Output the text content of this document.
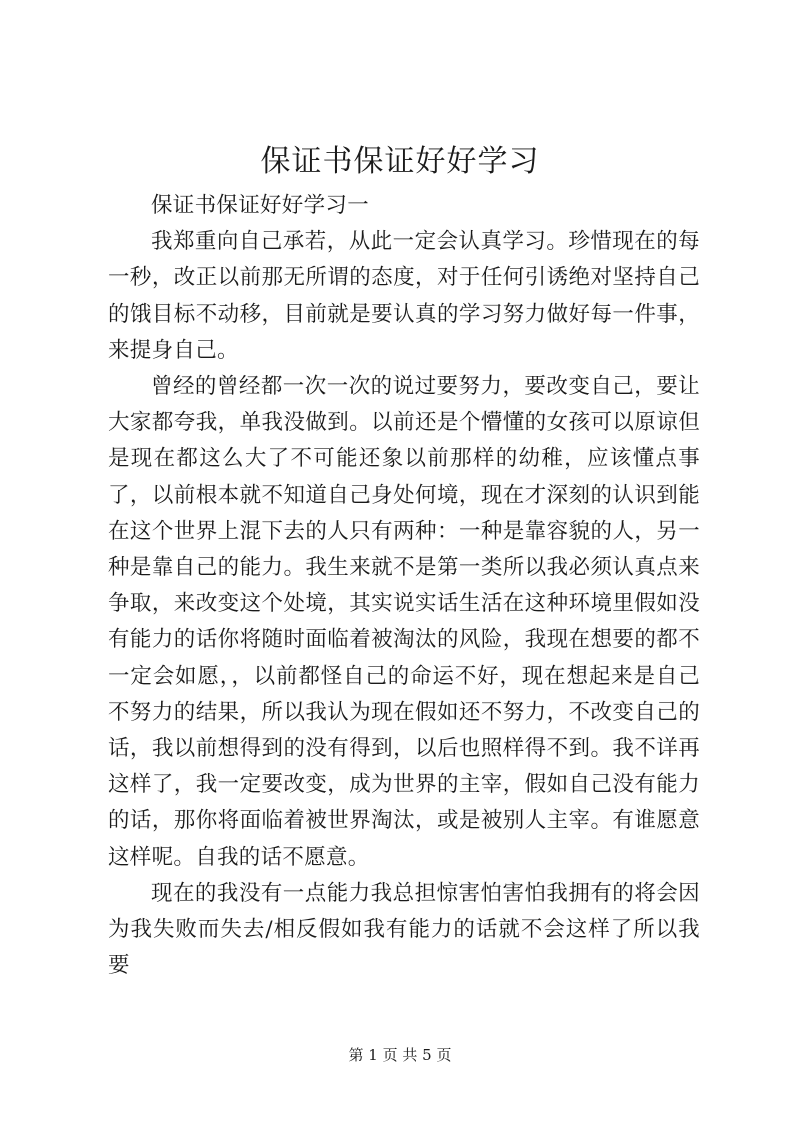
保证书保证好好学习

保证书保证好好学习一

我郑重向自己承若，从此一定会认真学习。珍惜现在的每一秒，改正以前那无所谓的态度，对于任何引诱绝对坚持自己的饿目标不动移，目前就是要认真的学习努力做好每一件事，来提身自己。

曾经的曾经都一次一次的说过要努力，要改变自己，要让大家都夸我，单我没做到。以前还是个懵懂的女孩可以原谅但是现在都这么大了不可能还象以前那样的幼稚，应该懂点事了，以前根本就不知道自己身处何境，现在才深刻的认识到能在这个世界上混下去的人只有两种：一种是靠容貌的人，另一种是靠自己的能力。我生来就不是第一类所以我必须认真点来争取，来改变这个处境，其实说实话生活在这种环境里假如没有能力的话你将随时面临着被淘汰的风险，我现在想要的都不一定会如愿，，以前都怪自己的命运不好，现在想起来是自己不努力的结果，所以我认为现在假如还不努力，不改变自己的话，我以前想得到的没有得到，以后也照样得不到。我不详再这样了，我一定要改变，成为世界的主宰，假如自己没有能力的话，那你将面临着被世界淘汰，或是被别人主宰。有谁愿意这样呢。自我的话不愿意。

现在的我没有一点能力我总担惊害怕害怕我拥有的将会因为我失败而失去/相反假如我有能力的话就不会这样了所以我要

第 1 页 共 5 页
